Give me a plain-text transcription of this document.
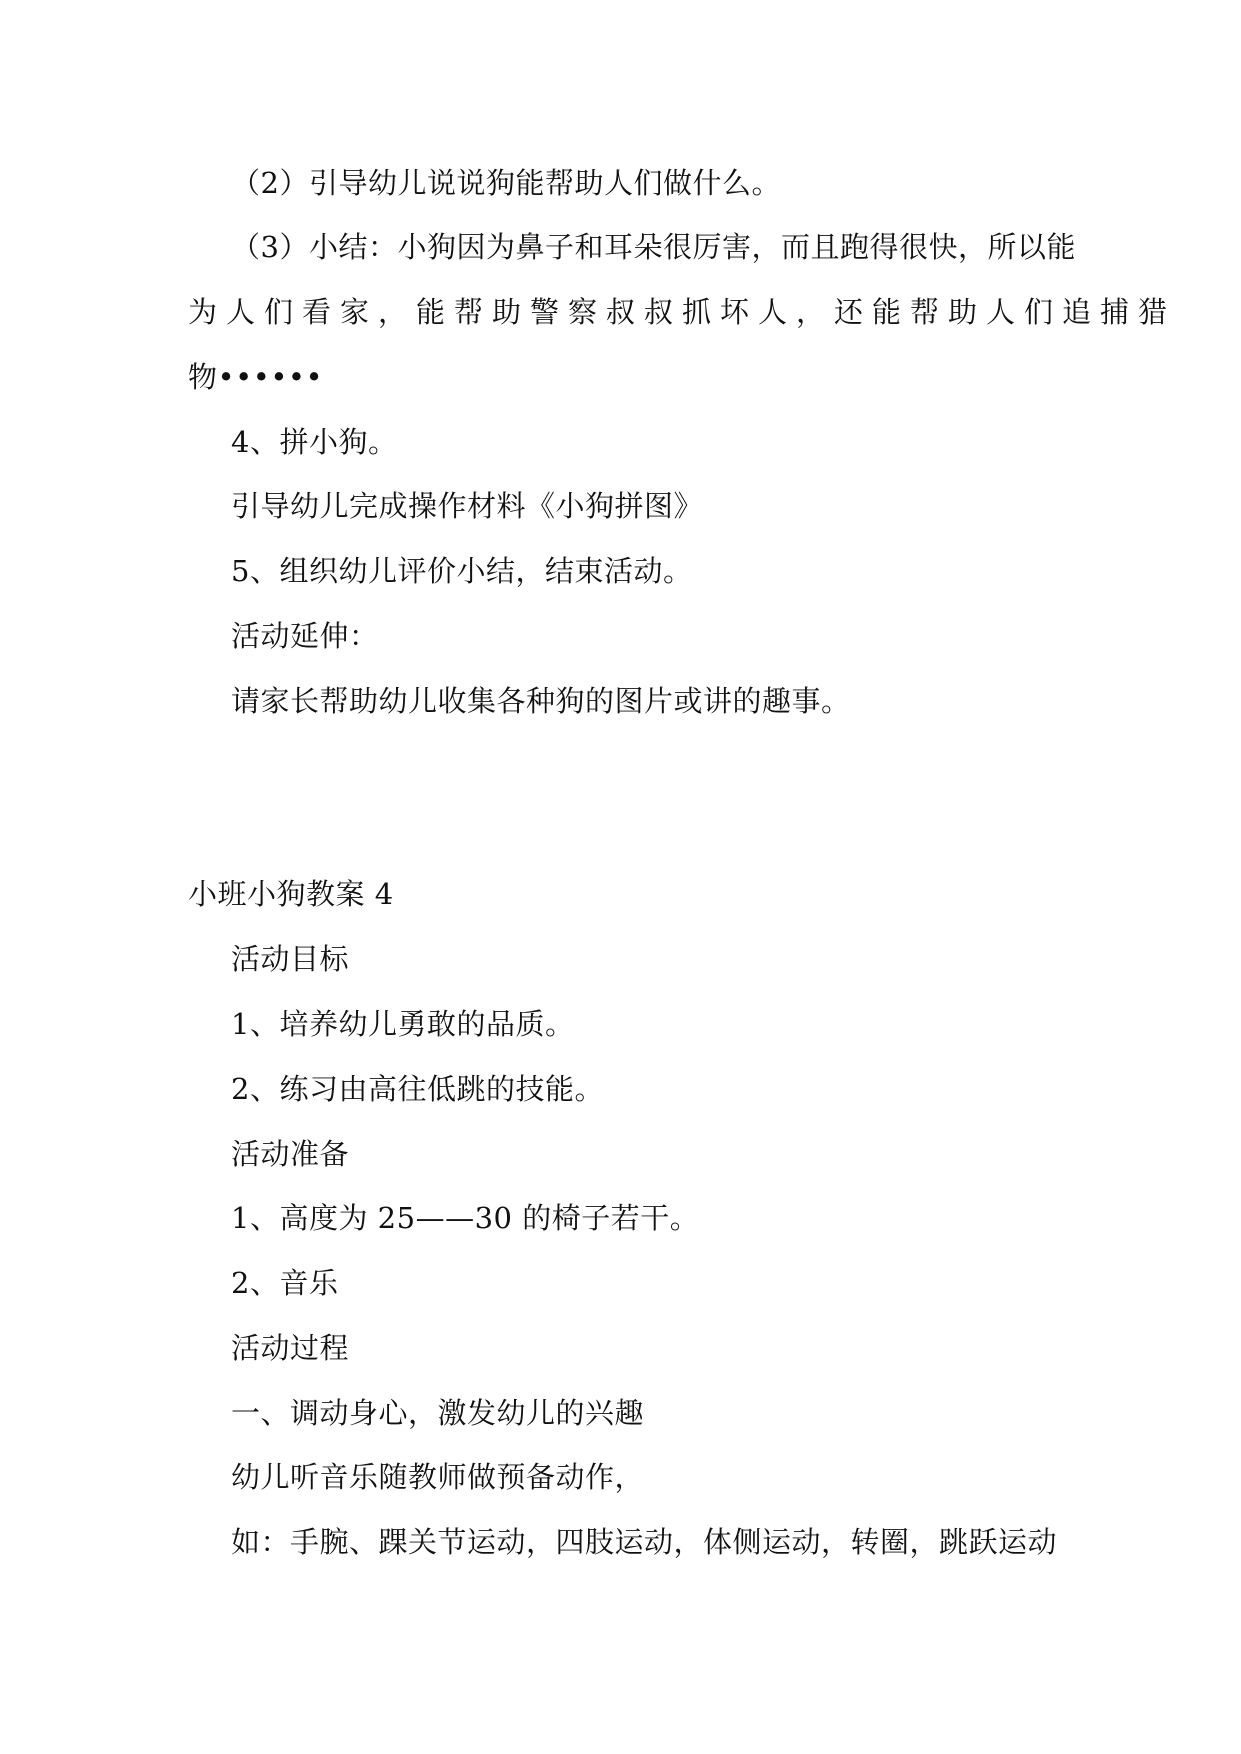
（2）引导幼儿说说狗能帮助人们做什么。
（3）小结：小狗因为鼻子和耳朵很厉害，而且跑得很快，所以能
为人们看家，能帮助警察叔叔抓坏人，还能帮助人们追捕猎
物••••••
4、拼小狗。
引导幼儿完成操作材料《小狗拼图》
5、组织幼儿评价小结，结束活动。
活动延伸：
请家长帮助幼儿收集各种狗的图片或讲的趣事。
小班小狗教案 4
活动目标
1、培养幼儿勇敢的品质。
2、练习由高往低跳的技能。
活动准备
1、高度为 25——30 的椅子若干。
2、音乐
活动过程
一、调动身心，激发幼儿的兴趣
幼儿听音乐随教师做预备动作，
如：手腕、踝关节运动，四肢运动，体侧运动，转圈，跳跃运动
